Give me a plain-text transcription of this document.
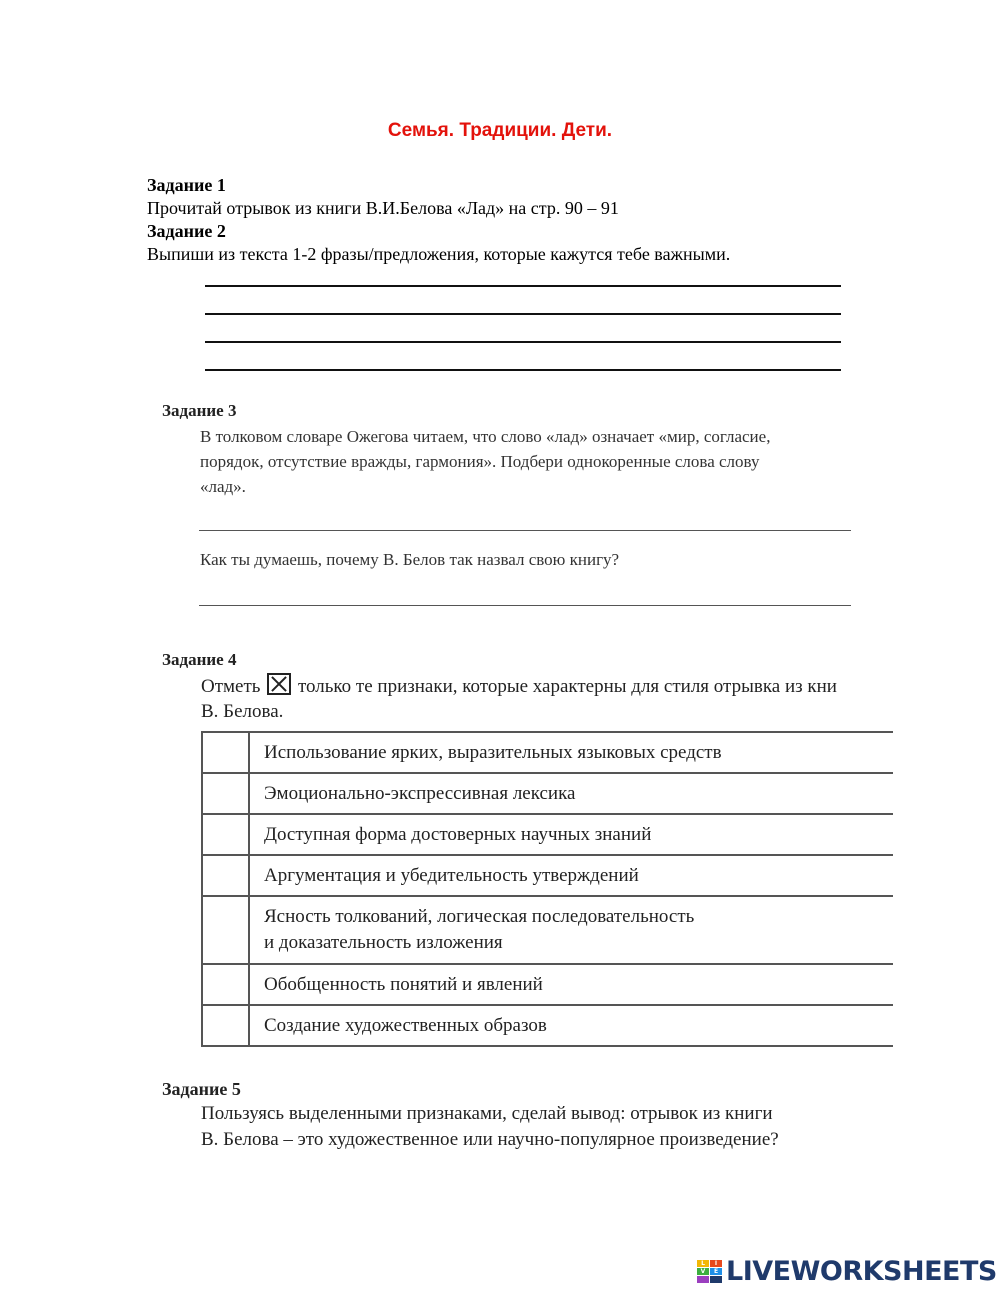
Семья. Традиции. Дети.
Задание 1
Прочитай отрывок из книги В.И.Белова «Лад» на стр. 90 – 91
Задание 2
Выпиши из текста 1-2 фразы/предложения, которые кажутся тебе важными.
Задание 3
В толковом словаре Ожегова читаем, что слово «лад» означает «мир, согласие,
порядок, отсутствие вражды, гармония». Подбери однокоренные слова слову
«лад».
Как ты думаешь, почему В. Белов так назвал свою книгу?
Задание 4
Отметь только те признаки, которые характерны для стиля отрывка из кни
В. Белова.
	Использование ярких, выразительных языковых средств
	Эмоционально-экспрессивная лексика
	Доступная форма достоверных научных знаний
	Аргументация и убедительность утверждений

	Ясность толкований, логическая последовательность
и доказательность изложения

	Обобщенность понятий и явлений
	Создание художественных образов
Задание 5
Пользуясь выделенными признаками, сделай вывод: отрывок из книги
В. Белова – это художественное или научно-популярное произведение?
L	I
V	E LIVEWORKSHEETS
